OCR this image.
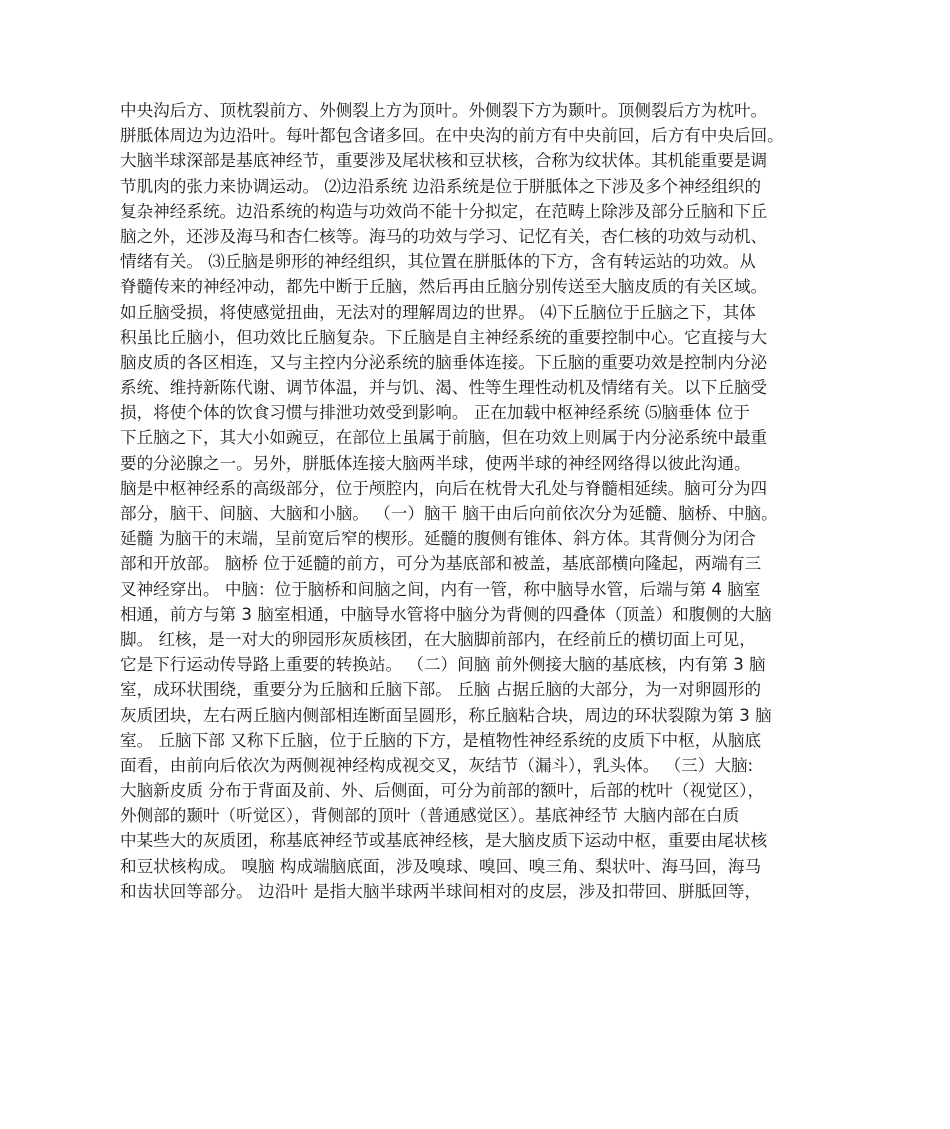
中央沟后方、顶枕裂前方、外侧裂上方为顶叶。外侧裂下方为颞叶。顶侧裂后方为枕叶。
胼胝体周边为边沿叶。每叶都包含诸多回。在中央沟的前方有中央前回，后方有中央后回。
大脑半球深部是基底神经节，重要涉及尾状核和豆状核，合称为纹状体。其机能重要是调
节肌肉的张力来协调运动。 ⑵边沿系统 边沿系统是位于胼胝体之下涉及多个神经组织的
复杂神经系统。边沿系统的构造与功效尚不能十分拟定，在范畴上除涉及部分丘脑和下丘
脑之外，还涉及海马和杏仁核等。海马的功效与学习、记忆有关，杏仁核的功效与动机、
情绪有关。 ⑶丘脑是卵形的神经组织，其位置在胼胝体的下方，含有转运站的功效。从
脊髓传来的神经冲动，都先中断于丘脑，然后再由丘脑分别传送至大脑皮质的有关区域。
如丘脑受损，将使感觉扭曲，无法对的理解周边的世界。 ⑷下丘脑位于丘脑之下，其体
积虽比丘脑小，但功效比丘脑复杂。下丘脑是自主神经系统的重要控制中心。它直接与大
脑皮质的各区相连，又与主控内分泌系统的脑垂体连接。下丘脑的重要功效是控制内分泌
系统、维持新陈代谢、调节体温，并与饥、渴、性等生理性动机及情绪有关。以下丘脑受
损，将使个体的饮食习惯与排泄功效受到影响。 正在加载中枢神经系统 ⑸脑垂体 位于
下丘脑之下，其大小如豌豆，在部位上虽属于前脑，但在功效上则属于内分泌系统中最重
要的分泌腺之一。另外，胼胝体连接大脑两半球，使两半球的神经网络得以彼此沟通。
脑是中枢神经系的高级部分，位于颅腔内，向后在枕骨大孔处与脊髓相延续。脑可分为四
部分，脑干、间脑、大脑和小脑。 （一）脑干 脑干由后向前依次分为延髓、脑桥、中脑。
延髓 为脑干的末端，呈前宽后窄的楔形。延髓的腹侧有锥体、斜方体。其背侧分为闭合
部和开放部。 脑桥 位于延髓的前方，可分为基底部和被盖，基底部横向隆起，两端有三
叉神经穿出。 中脑：位于脑桥和间脑之间，内有一管，称中脑导水管，后端与第 4 脑室
相通，前方与第 3 脑室相通，中脑导水管将中脑分为背侧的四叠体（顶盖）和腹侧的大脑
脚。 红核，是一对大的卵园形灰质核团，在大脑脚前部内，在经前丘的横切面上可见，
它是下行运动传导路上重要的转换站。 （二）间脑 前外侧接大脑的基底核，内有第 3 脑
室，成环状围绕，重要分为丘脑和丘脑下部。 丘脑 占据丘脑的大部分，为一对卵圆形的
灰质团块，左右两丘脑内侧部相连断面呈圆形，称丘脑粘合块，周边的环状裂隙为第 3 脑
室。 丘脑下部 又称下丘脑，位于丘脑的下方，是植物性神经系统的皮质下中枢，从脑底
面看，由前向后依次为两侧视神经构成视交叉，灰结节（漏斗），乳头体。 （三）大脑:
大脑新皮质 分布于背面及前、外、后侧面，可分为前部的额叶，后部的枕叶（视觉区），
外侧部的颞叶（听觉区），背侧部的顶叶（普通感觉区）。基底神经节 大脑内部在白质
中某些大的灰质团，称基底神经节或基底神经核，是大脑皮质下运动中枢，重要由尾状核
和豆状核构成。 嗅脑 构成端脑底面，涉及嗅球、嗅回、嗅三角、梨状叶、海马回，海马
和齿状回等部分。 边沿叶 是指大脑半球两半球间相对的皮层，涉及扣带回、胼胝回等，
